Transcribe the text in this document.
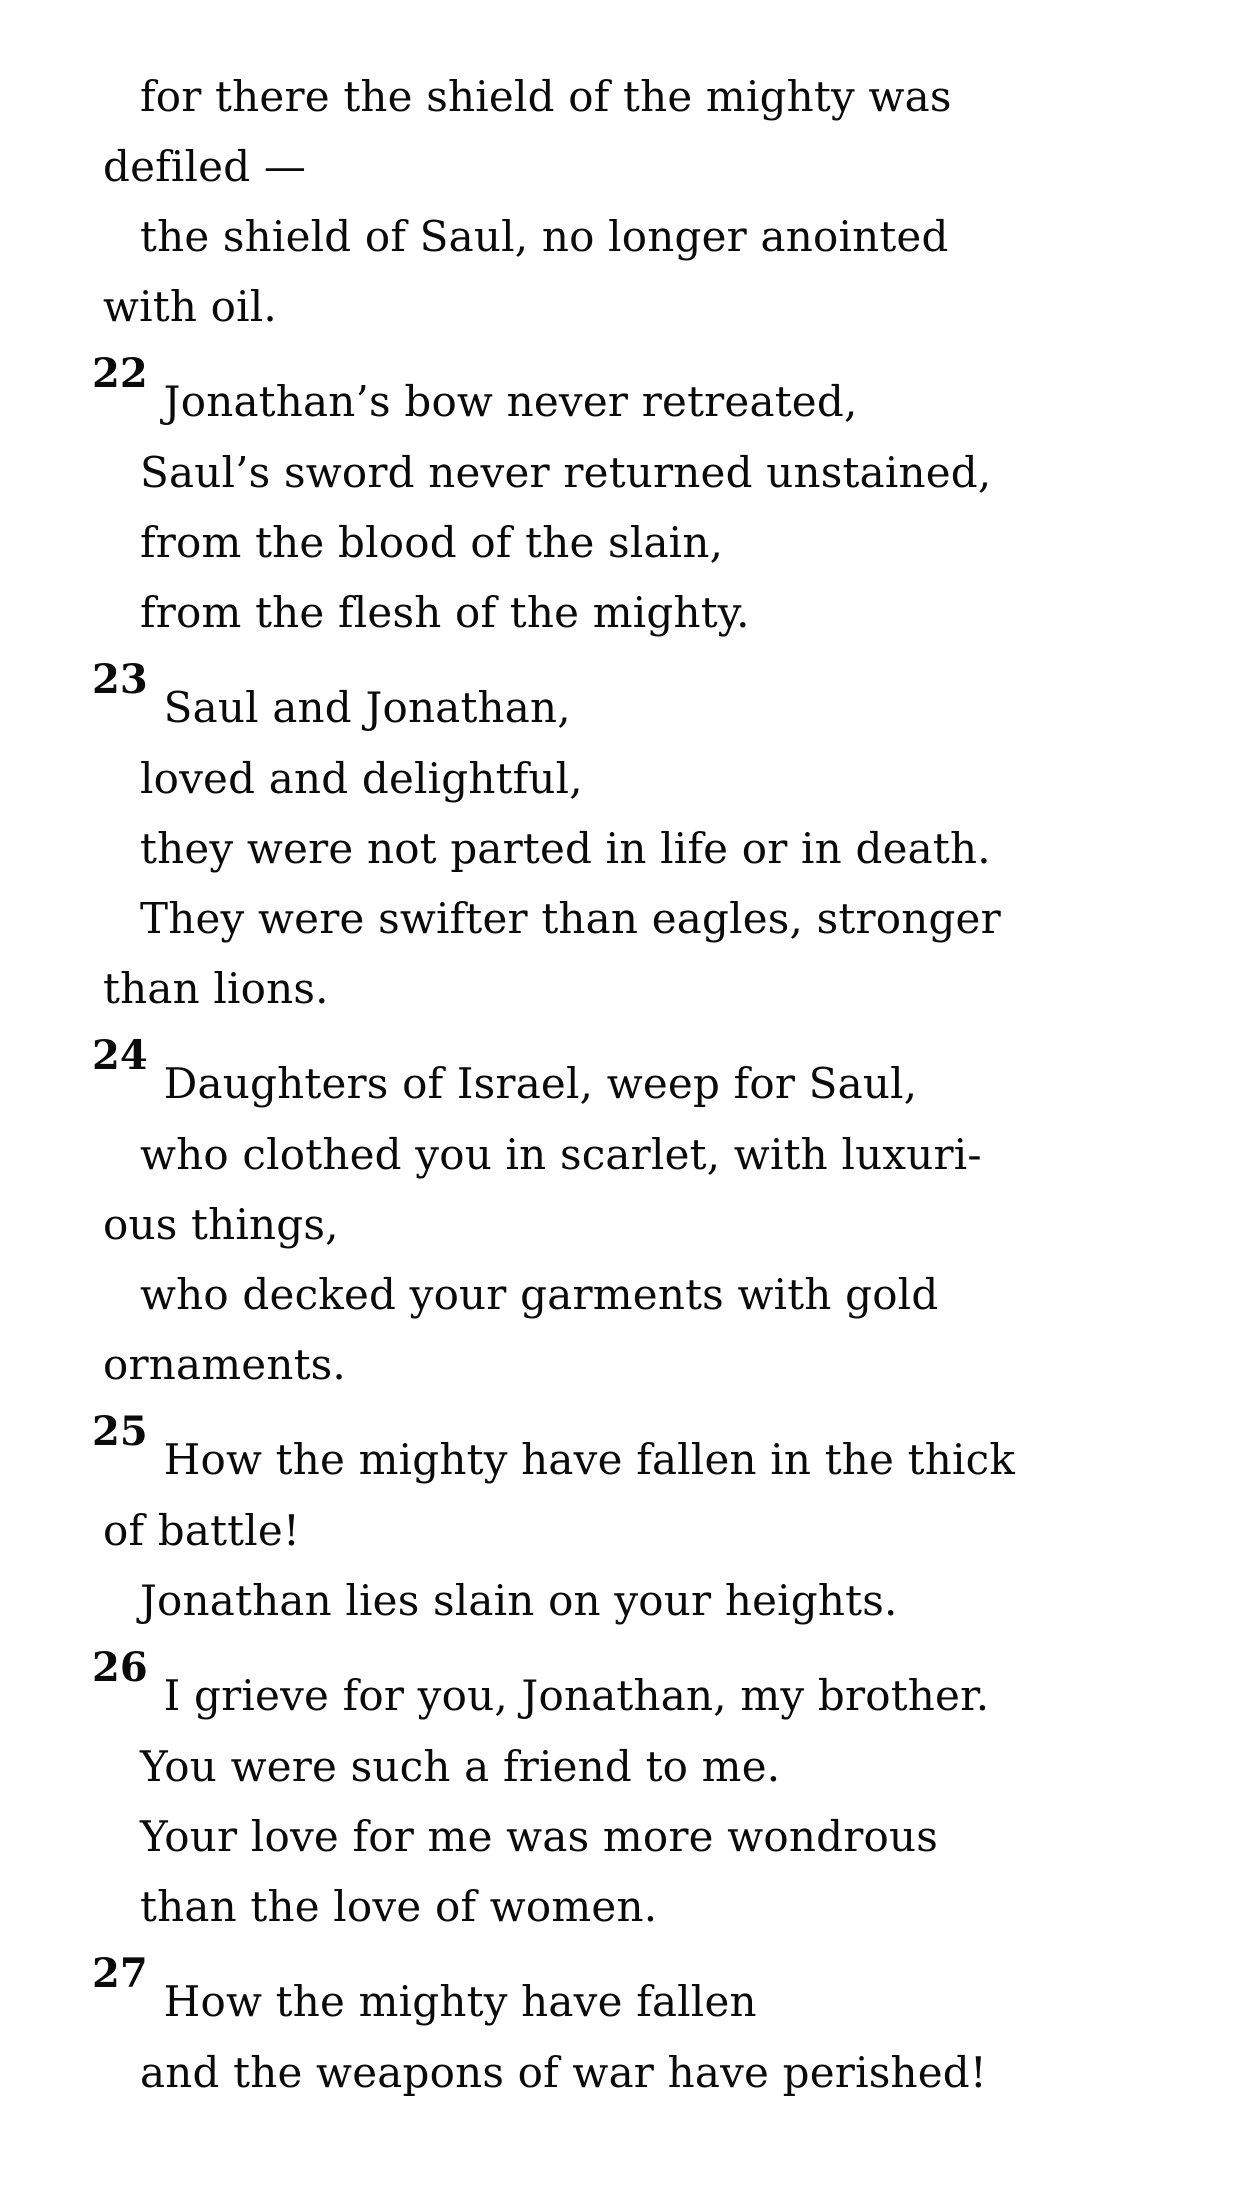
for there the shield of the mighty was
defiled —
the shield of Saul, no longer anointed
with oil.
22Jonathan’s bow never retreated,
Saul’s sword never returned unstained,
from the blood of the slain,
from the flesh of the mighty.
23Saul and Jonathan,
loved and delightful,
they were not parted in life or in death.
They were swifter than eagles, stronger
than lions.
24Daughters of Israel, weep for Saul,
who clothed you in scarlet, with luxuri-
ous things,
who decked your garments with gold
ornaments.
25How the mighty have fallen in the thick
of battle!
Jonathan lies slain on your heights.
26I grieve for you, Jonathan, my brother.
You were such a friend to me.
Your love for me was more wondrous
than the love of women.
27How the mighty have fallen
and the weapons of war have perished!
